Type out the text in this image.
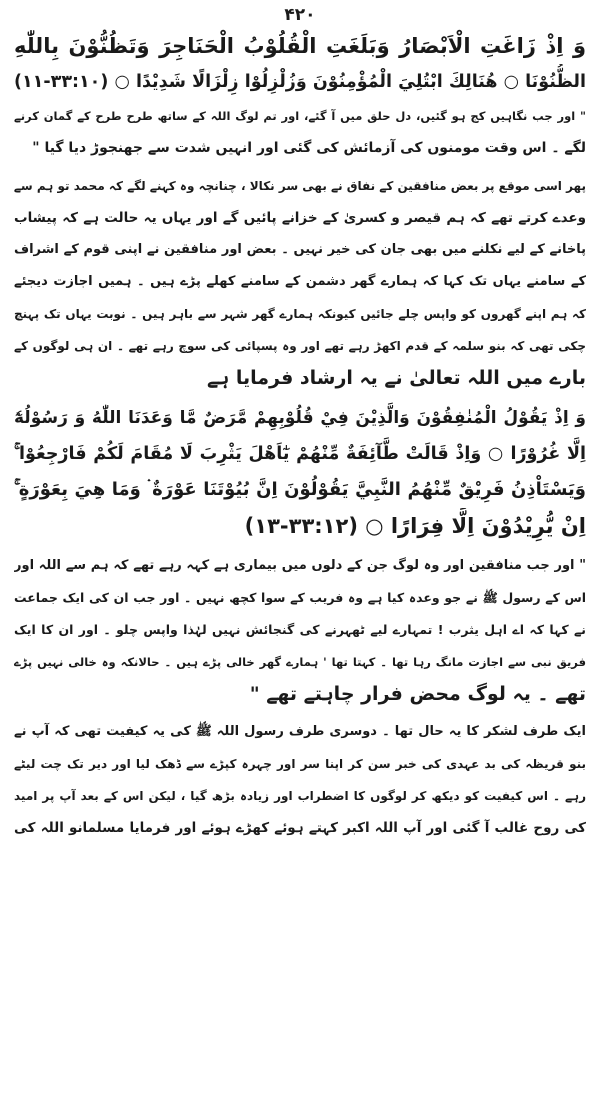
۴۲۰
وَ اِذْ زَاغَتِ الْاَبْصَارُ وَبَلَغَتِ الْقُلُوْبُ الْحَنَاجِرَ وَتَظُنُّوْنَ بِاللّٰهِ
الظُّنُوْنَا ○ هُنَالِكَ ابْتُلِيَ الْمُؤْمِنُوْنَ وَزُلْزِلُوْا زِلْزَالًا شَدِيْدًا ○ (۳۳:۱۰-۱۱)
" اور جب نگاہیں کج ہو گئیں، دل حلق میں آ گئے، اور تم لوگ اللہ کے ساتھ طرح طرح کے گمان کرنے
لگے ۔ اس وقت مومنوں کی آزمائش کی گئی اور انہیں شدت سے جھنجوڑ دیا گیا "
پھر اسی موقع پر بعض منافقین کے نفاق نے بھی سر نکالا ، چنانچہ وہ کہنے لگے کہ محمد تو ہم سے
وعدے کرتے تھے کہ ہم قیصر و کسریٰ کے خزانے پائیں گے اور یہاں یہ حالت ہے کہ پیشاب
پاخانے کے لیے نکلنے میں بھی جان کی خیر نہیں ۔ بعض اور منافقین نے اپنی قوم کے اشراف
کے سامنے یہاں تک کہا کہ ہمارے گھر دشمن کے سامنے کھلے پڑے ہیں ۔ ہمیں اجازت دیجئے
کہ ہم اپنے گھروں کو واپس چلے جائیں کیونکہ ہمارے گھر شہر سے باہر ہیں ۔ نوبت یہاں تک پہنچ
چکی تھی کہ بنو سلمہ کے قدم اکھڑ رہے تھے اور وہ پسپائی کی سوچ رہے تھے ۔ ان ہی لوگوں کے
بارے میں اللہ تعالیٰ نے یہ ارشاد فرمایا ہے
وَ اِذْ يَقُوْلُ الْمُنٰفِقُوْنَ وَالَّذِيْنَ فِيْ قُلُوْبِهِمْ مَّرَضٌ مَّا وَعَدَنَا اللّٰهُ وَ رَسُوْلُهٗٓ
اِلَّا غُرُوْرًا ○ وَاِذْ قَالَتْ طَّآئِفَةٌ مِّنْهُمْ يٰٓاَهْلَ يَثْرِبَ لَا مُقَامَ لَكُمْ فَارْجِعُوْا ۚ
وَيَسْتَاْذِنُ فَرِيْقٌ مِّنْهُمُ النَّبِيَّ يَقُوْلُوْنَ اِنَّ بُيُوْتَنَا عَوْرَةٌ ۛ وَمَا هِيَ بِعَوْرَةٍ ۚ
اِنْ يُّرِيْدُوْنَ اِلَّا فِرَارًا ○ (۳۳:۱۲-۱۳)
" اور جب منافقین اور وہ لوگ جن کے دلوں میں بیماری ہے کہہ رہے تھے کہ ہم سے اللہ اور
اس کے رسول ﷺ نے جو وعدہ کیا ہے وہ فریب کے سوا کچھ نہیں ۔ اور جب ان کی ایک جماعت
نے کہا کہ اے اہل یثرب ! تمہارے لیے ٹھہرنے کی گنجائش نہیں لہٰذا واپس چلو ۔ اور ان کا ایک
فریق نبی سے اجازت مانگ رہا تھا ۔ کہتا تھا ' ہمارے گھر خالی پڑے ہیں ۔ حالانکہ وہ خالی نہیں پڑے
تھے ۔ یہ لوگ محض فرار چاہتے تھے "
ایک طرف لشکر کا یہ حال تھا ۔ دوسری طرف رسول اللہ ﷺ کی یہ کیفیت تھی کہ آپ نے
بنو قریظہ کی بد عہدی کی خبر سن کر اپنا سر اور چہرہ کپڑے سے ڈھک لیا اور دیر تک چت لیٹے
رہے ۔ اس کیفیت کو دیکھ کر لوگوں کا اضطراب اور زیادہ بڑھ گیا ، لیکن اس کے بعد آپ پر امید
کی روح غالب آ گئی اور آپ اللہ اکبر کہتے ہوئے کھڑے ہوئے اور فرمایا مسلمانو اللہ کی
